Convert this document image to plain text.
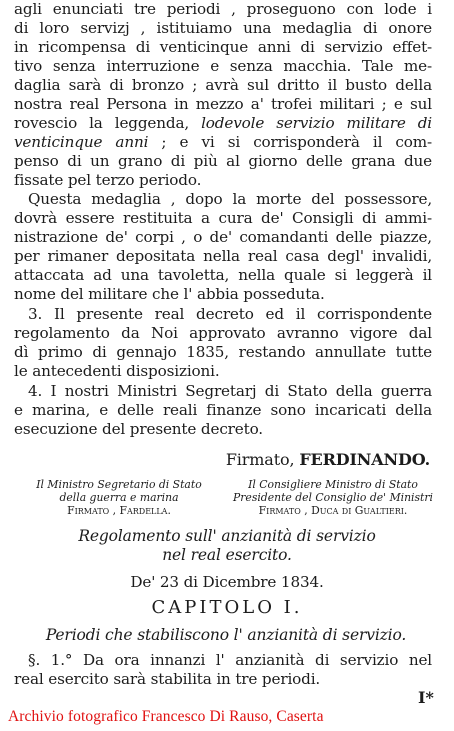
agli enunciati tre periodi , proseguono con lode i
di loro servizj , istituiamo una medaglia di onore
in ricompensa di venticinque anni di servizio effet-
tivo senza interruzione e senza macchia. Tale me-
daglia sarà di bronzo ; avrà sul dritto il busto della
nostra real Persona in mezzo a' trofei militari ; e sul
rovescio la leggenda, lodevole servizio militare di
venticinque anni ; e vi si corrisponderà il com-
penso di un grano di più al giorno delle grana due
fissate pel terzo periodo.
Questa medaglia , dopo la morte del possessore,
dovrà essere restituita a cura de' Consigli di ammi-
nistrazione de' corpi , o de' comandanti delle piazze,
per rimaner depositata nella real casa degl' invalidi,
attaccata ad una tavoletta, nella quale si leggerà il
nome del militare che l' abbia posseduta.
3. Il presente real decreto ed il corrispondente
regolamento da Noi approvato avranno vigore dal
dì primo di gennajo 1835, restando annullate tutte
le antecedenti disposizioni.
4. I nostri Ministri Segretarj di Stato della guerra
e marina, e delle reali finanze sono incaricati della
esecuzione del presente decreto.
Firmato, FERDINANDO.
Il Ministro Segretario di Stato
della guerra e marina
Firmato , Fardella.
Il Consigliere Ministro di Stato
Presidente del Consiglio de' Ministri
Firmato , Duca di Gualtieri.
Regolamento sull' anzianità di servizio
nel real esercito.
De' 23 di Dicembre 1834.
CAPITOLO I.
Periodi che stabiliscono l' anzianità di servizio.
§. 1.° Da ora innanzi l' anzianità di servizio nel
real esercito sarà stabilita in tre periodi.
I*
Archivio fotografico Francesco Di Rauso, Caserta
